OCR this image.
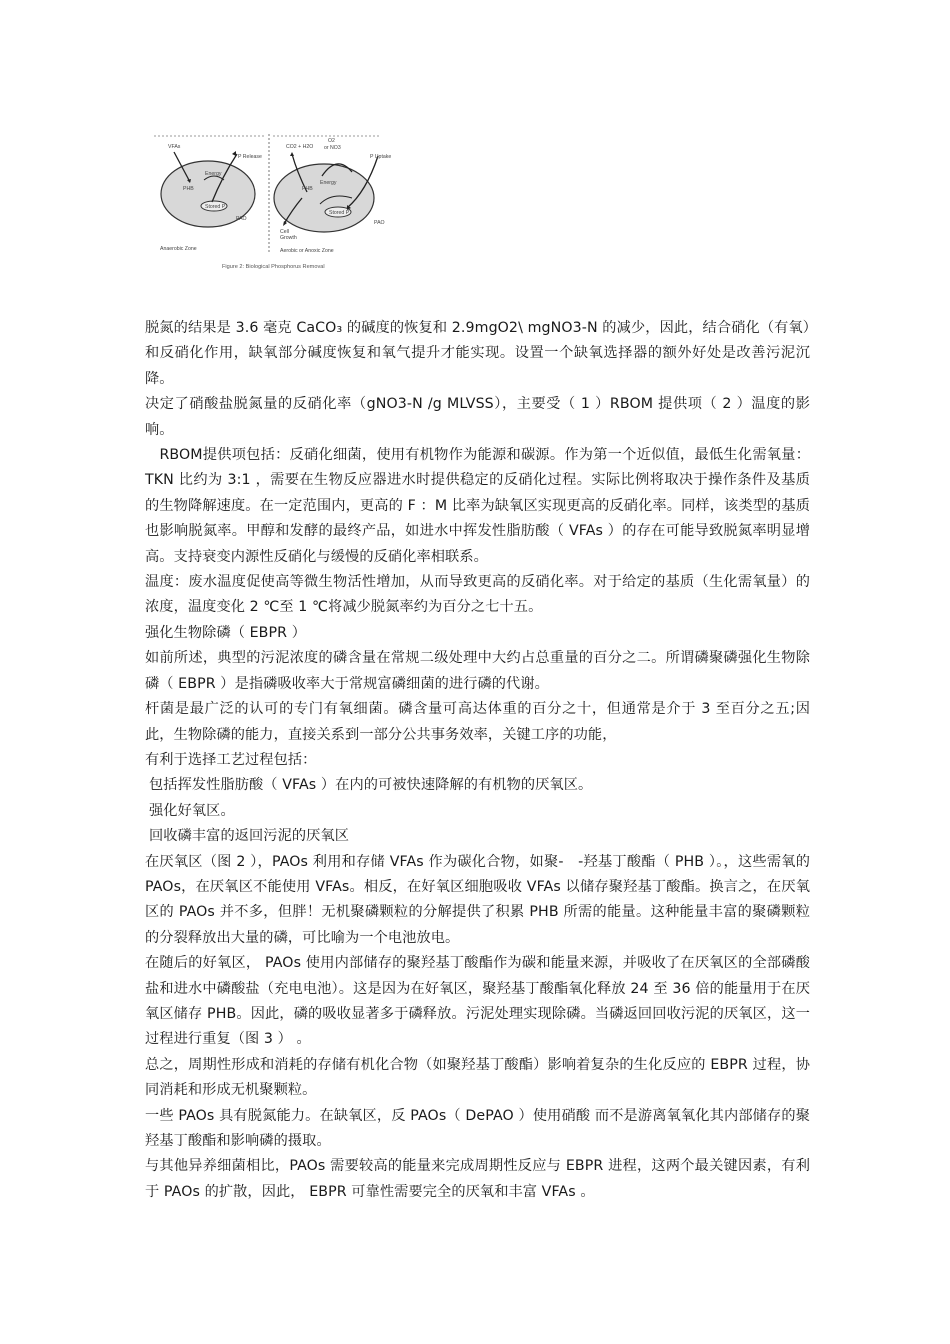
VFAs
Energy
P Release
PHB
Stored P
PAO
Anaerobic Zone
CO2 + H2O
O2
or NO3
P Uptake
Energy
PHB
Stored P
PAO
Cell
Growth
Aerobic or Anoxic Zone
Figure 2: Biological Phosphorus Removal

脱氮的结果是 3.6 毫克 CaCO₃ 的碱度的恢复和 2.9mgO2\ mgNO3-N 的减少，因此，结合硝化（有氧）和反硝化作用，缺氧部分碱度恢复和氧气提升才能实现。设置一个缺氧选择器的额外好处是改善污泥沉降。

决定了硝酸盐脱氮量的反硝化率（gNO3-N /g MLVSS），主要受（ 1 ）RBOM 提供项（ 2 ）温度的影响。

　RBOM提供项包括：反硝化细菌，使用有机物作为能源和碳源。作为第一个近似值，最低生化需氧量： TKN 比约为 3:1 ，需要在生物反应器进水时提供稳定的反硝化过程。实际比例将取决于操作条件及基质的生物降解速度。在一定范围内，更高的 F ：M 比率为缺氧区实现更高的反硝化率。同样，该类型的基质也影响脱氮率。甲醇和发酵的最终产品，如进水中挥发性脂肪酸（ VFAs ）的存在可能导致脱氮率明显增高。支持衰变内源性反硝化与缓慢的反硝化率相联系。

温度：废水温度促使高等微生物活性增加，从而导致更高的反硝化率。对于给定的基质（生化需氧量）的浓度，温度变化 2 ℃至 1 ℃将减少脱氮率约为百分之七十五。

强化生物除磷（ EBPR ）

如前所述，典型的污泥浓度的磷含量在常规二级处理中大约占总重量的百分之二。所谓磷聚磷强化生物除磷（ EBPR ）是指磷吸收率大于常规富磷细菌的进行磷的代谢。

杆菌是最广泛的认可的专门有氧细菌。磷含量可高达体重的百分之十，但通常是介于 3 至百分之五;因此，生物除磷的能力，直接关系到一部分公共事务效率，关键工序的功能，

有利于选择工艺过程包括：

包括挥发性脂肪酸（ VFAs ）在内的可被快速降解的有机物的厌氧区。

强化好氧区。

回收磷丰富的返回污泥的厌氧区

在厌氧区（图 2 ），PAOs 利用和存储 VFAs 作为碳化合物，如聚-　-羟基丁酸酯（ PHB ）。，这些需氧的 PAOs，在厌氧区不能使用 VFAs。相反，在好氧区细胞吸收 VFAs 以储存聚羟基丁酸酯。换言之，在厌氧区的 PAOs 并不多，但胖！无机聚磷颗粒的分解提供了积累 PHB 所需的能量。这种能量丰富的聚磷颗粒的分裂释放出大量的磷，可比喻为一个电池放电。

在随后的好氧区， PAOs 使用内部储存的聚羟基丁酸酯作为碳和能量来源，并吸收了在厌氧区的全部磷酸盐和进水中磷酸盐（充电电池）。这是因为在好氧区，聚羟基丁酸酯氧化释放 24 至 36 倍的能量用于在厌氧区储存 PHB。因此，磷的吸收显著多于磷释放。污泥处理实现除磷。当磷返回回收污泥的厌氧区，这一过程进行重复（图 3 ） 。

总之，周期性形成和消耗的存储有机化合物（如聚羟基丁酸酯）影响着复杂的生化反应的 EBPR 过程，协同消耗和形成无机聚颗粒。

一些 PAOs 具有脱氮能力。在缺氧区，反 PAOs（ DePAO ）使用硝酸 而不是游离氧氧化其内部储存的聚羟基丁酸酯和影响磷的摄取。

与其他异养细菌相比，PAOs 需要较高的能量来完成周期性反应与 EBPR 进程，这两个最关键因素，有利于 PAOs 的扩散，因此， EBPR 可靠性需要完全的厌氧和丰富 VFAs 。
